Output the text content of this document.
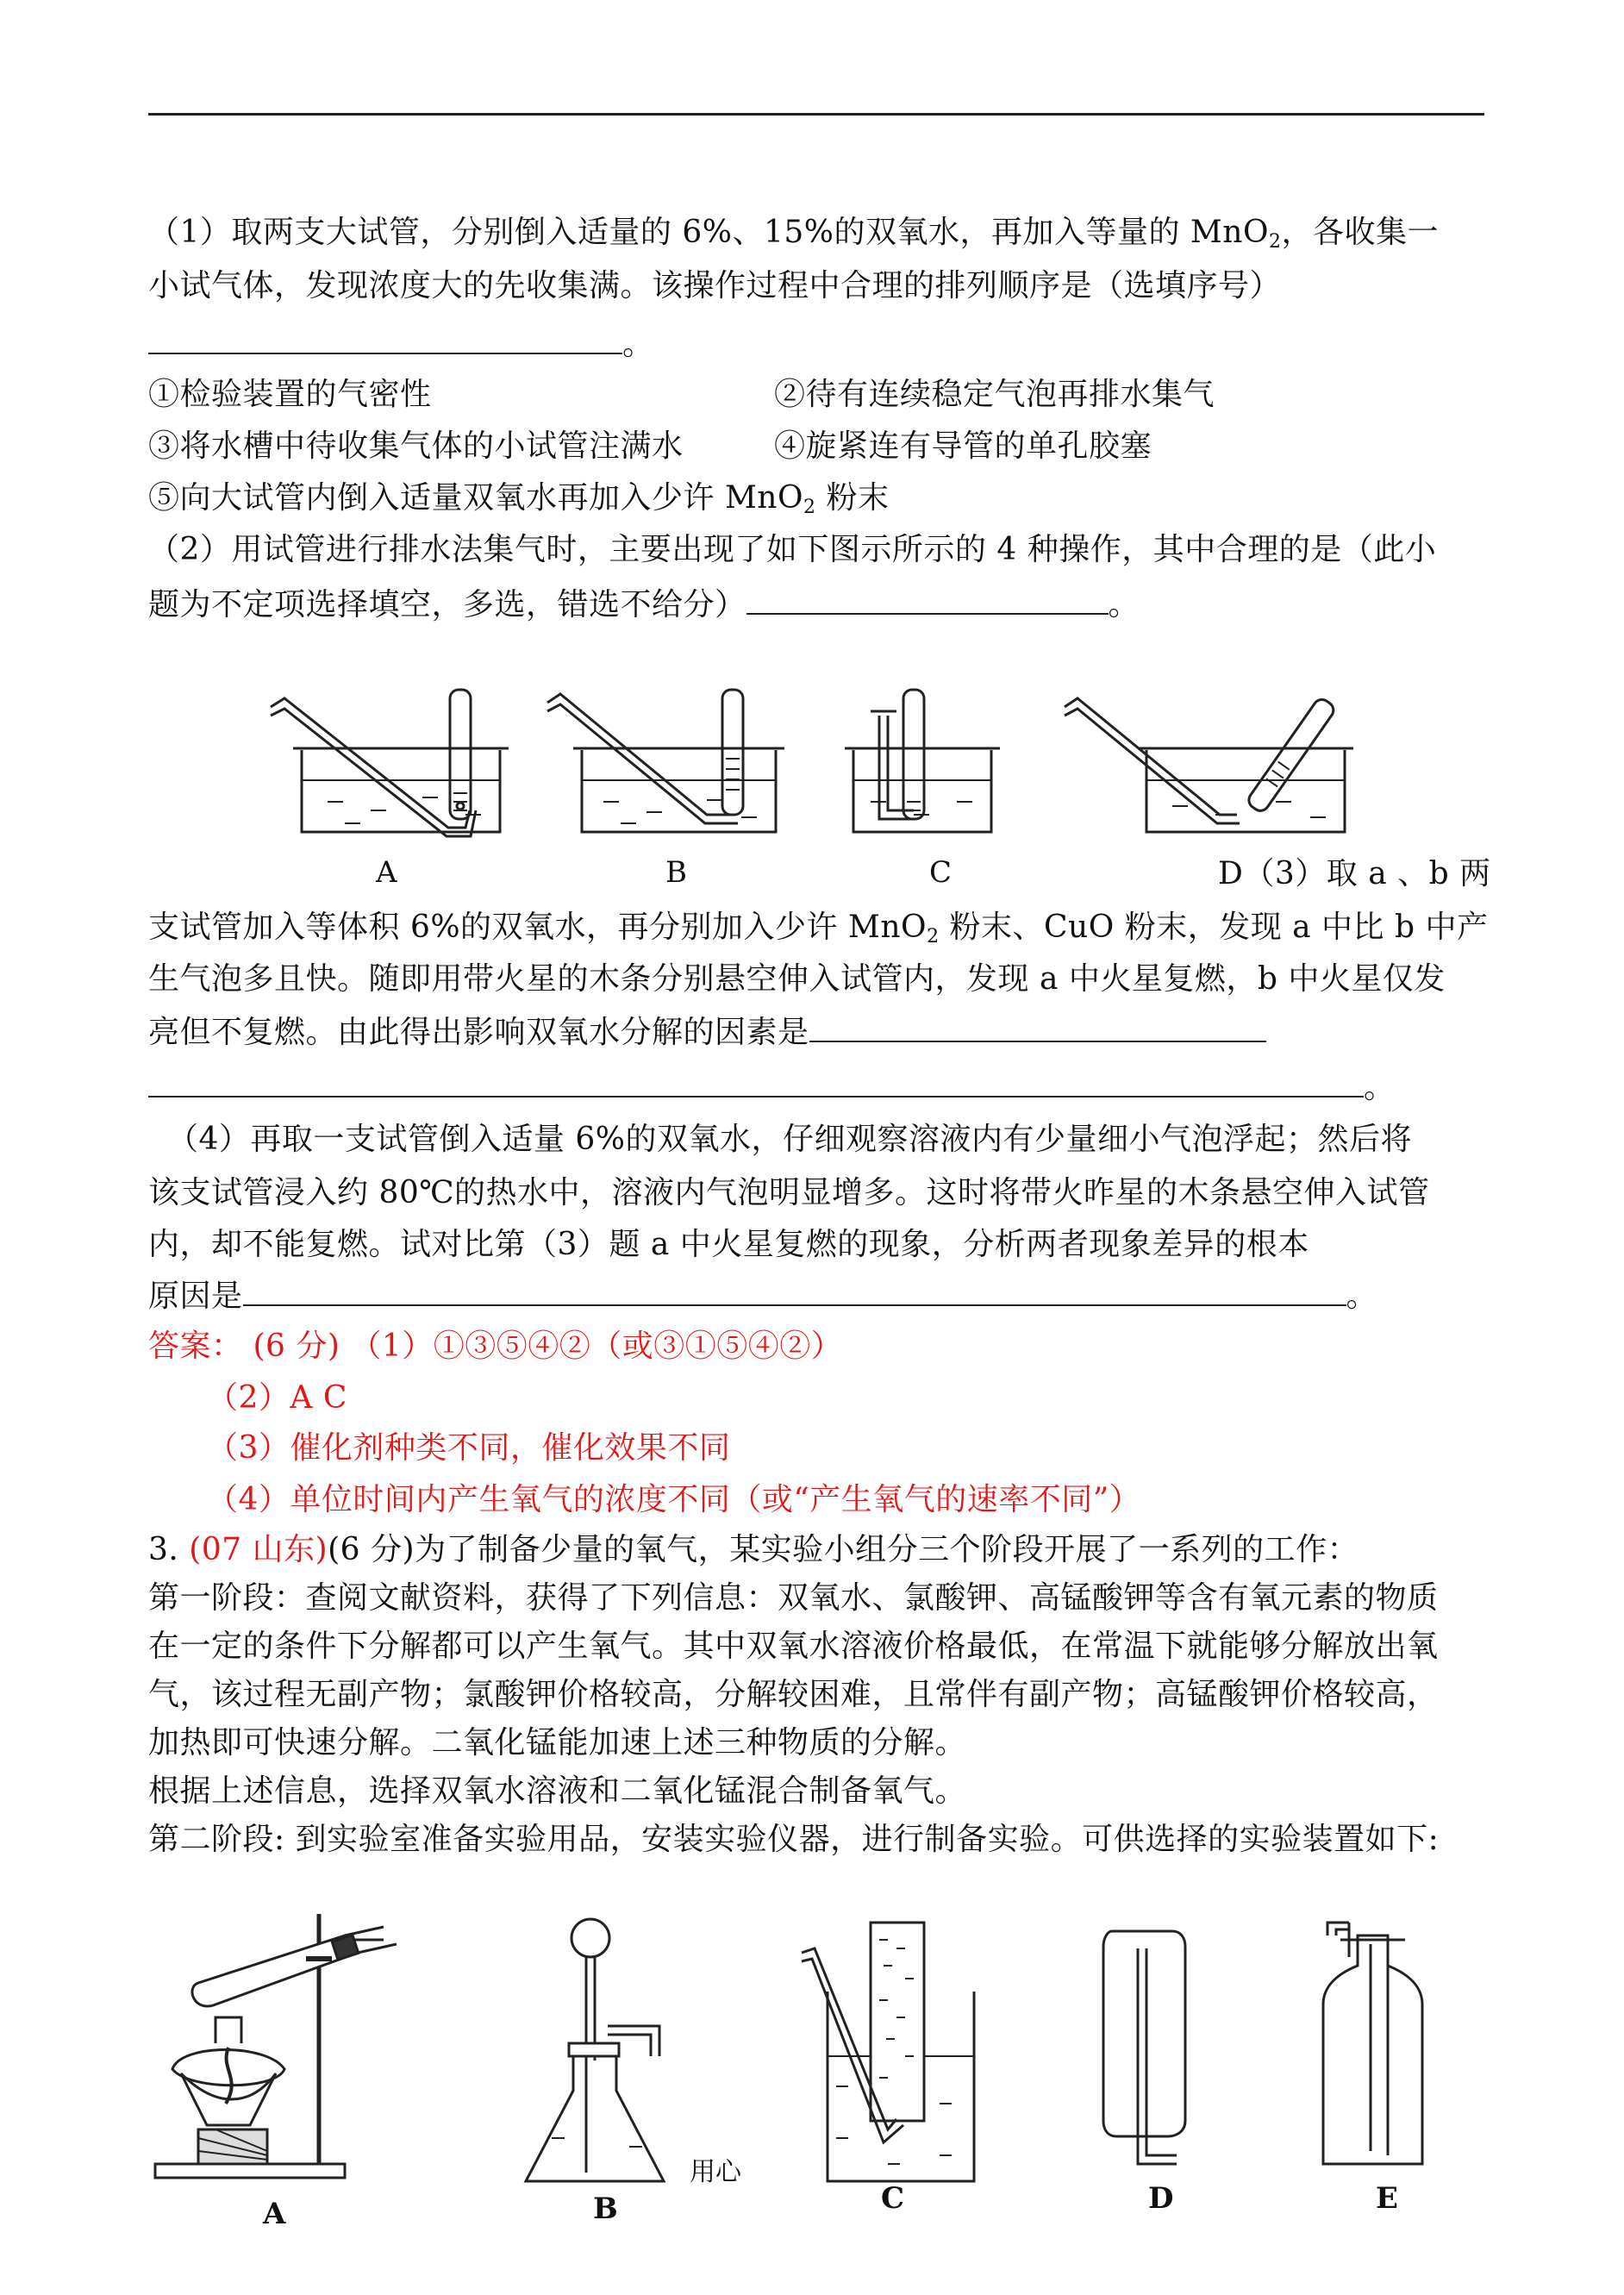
（1）取两支大试管，分别倒入适量的 6%、15%的双氧水，再加入等量的 MnO$_2$，各收集一
小试气体，发现浓度大的先收集满。该操作过程中合理的排列顺序是（选填序号）
。
①检验装置的气密性	②待有连续稳定气泡再排水集气
③将水槽中待收集气体的小试管注满水	④旋紧连有导管的单孔胶塞
⑤向大试管内倒入适量双氧水再加入少许 MnO$_2$ 粉末
（2）用试管进行排水法集气时，主要出现了如下图示所示的 4 种操作，其中合理的是（此小
题为不定项选择填空，多选，错选不给分）	。
A	B	C	D（3）取 a 、b 两
支试管加入等体积 6%的双氧水，再分别加入少许 MnO$_2$ 粉末、CuO 粉末，发现 a 中比 b 中产
生气泡多且快。随即用带火星的木条分别悬空伸入试管内，发现 a 中火星复燃，b 中火星仅发
亮但不复燃。由此得出影响双氧水分解的因素是
。
（4）再取一支试管倒入适量 6%的双氧水，仔细观察溶液内有少量细小气泡浮起；然后将
该支试管浸入约 80℃的热水中，溶液内气泡明显增多。这时将带火昨星的木条悬空伸入试管
内，却不能复燃。试对比第（3）题 a 中火星复燃的现象，分析两者现象差异的根本
原因是	。
答案： (6 分) （1）①③⑤④②（或③①⑤④②）
（2）A C
（3）催化剂种类不同，催化效果不同
（4）单位时间内产生氧气的浓度不同（或“产生氧气的速率不同”）
3. (07 山东)(6 分)为了制备少量的氧气，某实验小组分三个阶段开展了一系列的工作：
第一阶段：查阅文献资料，获得了下列信息：双氧水、氯酸钾、高锰酸钾等含有氧元素的物质
在一定的条件下分解都可以产生氧气。其中双氧水溶液价格最低，在常温下就能够分解放出氧
气，该过程无副产物；氯酸钾价格较高，分解较困难，且常伴有副产物；高锰酸钾价格较高，
加热即可快速分解。二氧化锰能加速上述三种物质的分解。
根据上述信息，选择双氧水溶液和二氧化锰混合制备氧气。
第二阶段: 到实验室准备实验用品，安装实验仪器，进行制备实验。可供选择的实验装置如下:
A	B
用心
C	D	E
